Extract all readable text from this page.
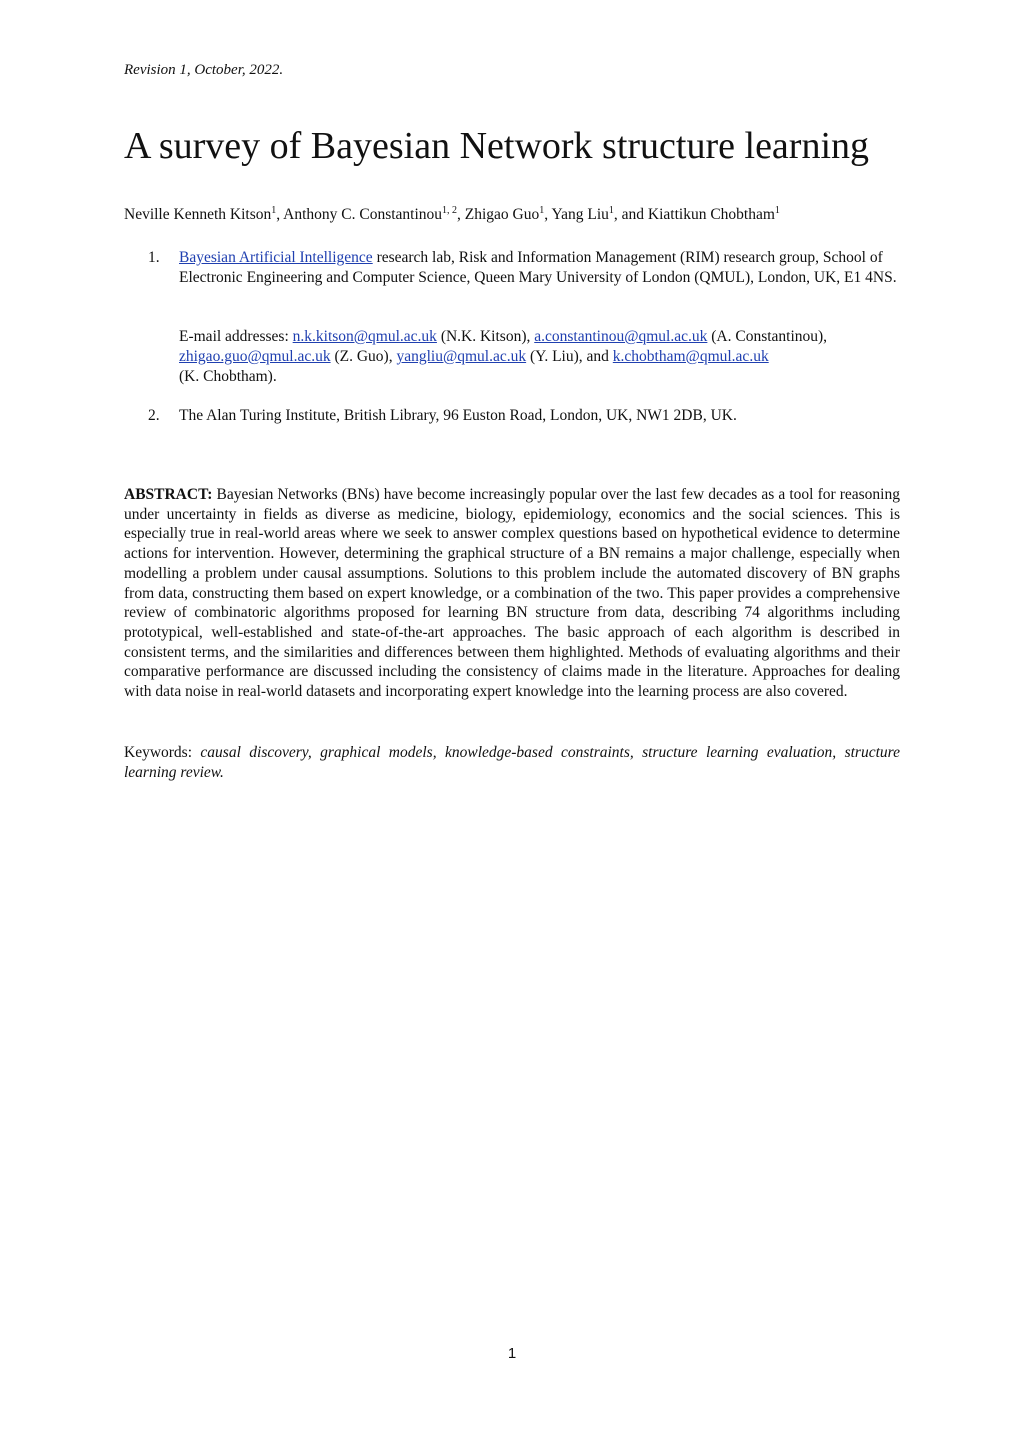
Revision 1, October, 2022.
A survey of Bayesian Network structure learning
Neville Kenneth Kitson$^1$, Anthony C. Constantinou$^{1, 2}$, Zhigao Guo$^1$, Yang Liu$^1$, and Kiattikun Chobtham$^1$
1. Bayesian Artificial Intelligence research lab, Risk and Information Management (RIM) research group, School of Electronic Engineering and Computer Science, Queen Mary University of London (QMUL), London, UK, E1 4NS.
E-mail addresses: n.k.kitson@qmul.ac.uk (N.K. Kitson), a.constantinou@qmul.ac.uk (A. Constantinou), zhigao.guo@qmul.ac.uk (Z. Guo), yangliu@qmul.ac.uk (Y. Liu), and k.chobtham@qmul.ac.uk
(K. Chobtham).
2. The Alan Turing Institute, British Library, 96 Euston Road, London, UK, NW1 2DB, UK.

ABSTRACT: Bayesian Networks (BNs) have become increasingly popular over the last few decades as a tool for reasoning under uncertainty in fields as diverse as medicine, biology, epidemiology, economics and the social sciences. This is especially true in real-world areas where we seek to answer complex questions based on hypothetical evidence to determine actions for intervention. However, determining the graphical structure of a BN remains a major challenge, especially when modelling a problem under causal assumptions. Solutions to this problem include the automated discovery of BN graphs from data, constructing them based on expert knowledge, or a combination of the two. This paper provides a comprehensive review of combinatoric algorithms proposed for learning BN structure from data, describing 74 algorithms including prototypical, well-established and state-of-the-art approaches. The basic approach of each algorithm is described in consistent terms, and the similarities and differences between them highlighted. Methods of evaluating algorithms and their comparative performance are discussed including the consistency of claims made in the literature. Approaches for dealing with data noise in real-world datasets and incorporating expert knowledge into the learning process are also covered.

Keywords: causal discovery, graphical models, knowledge-based constraints, structure learning evaluation, structure learning review.

1
